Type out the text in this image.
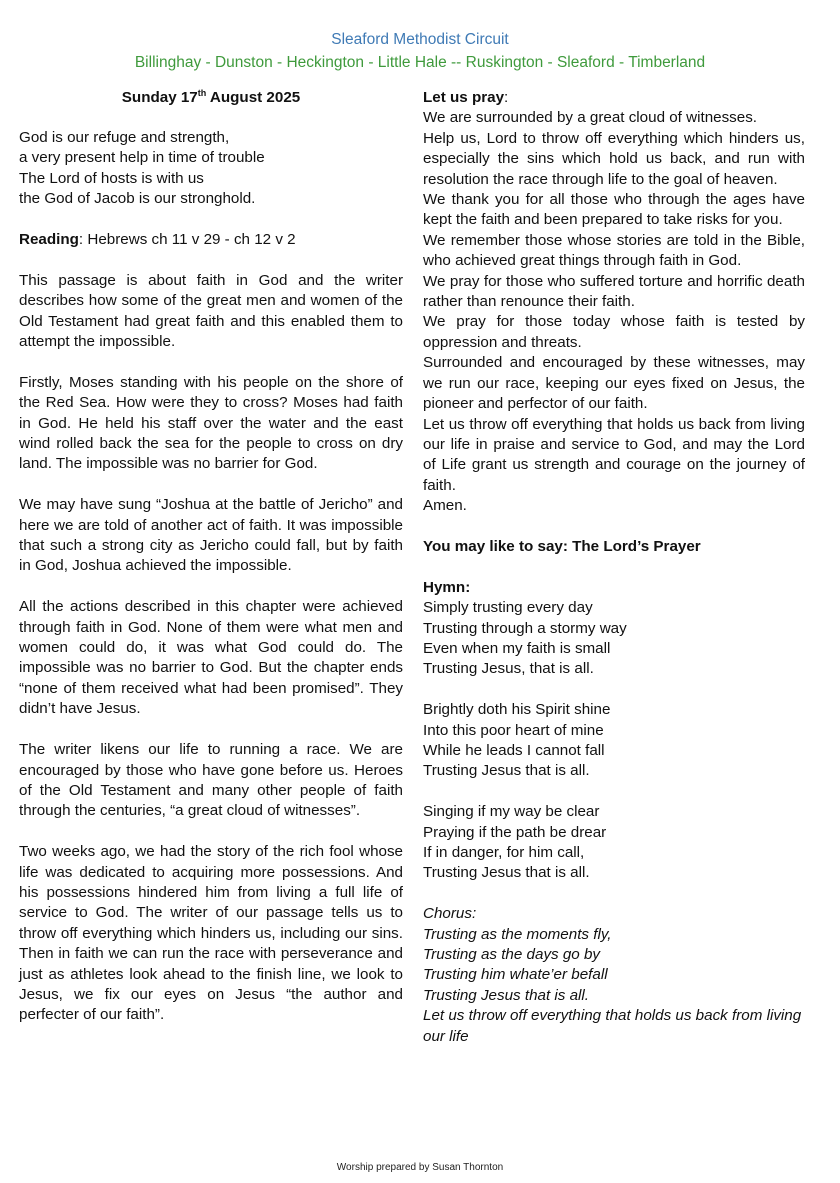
Sleaford Methodist Circuit
Billinghay - Dunston - Heckington - Little Hale -- Ruskington - Sleaford - Timberland
Sunday 17th August 2025

God is our refuge and strength,

a very present help in time of trouble

The Lord of hosts is with us

the God of Jacob is our stronghold.

Reading: Hebrews ch 11 v 29 - ch 12 v 2

This passage is about faith in God and the writer describes how some of the great men and women of the Old Testament had great faith and this enabled them to attempt the impossible.

Firstly, Moses standing with his people on the shore of the Red Sea. How were they to cross? Moses had faith in God. He held his staff over the water and the east wind rolled back the sea for the people to cross on dry land. The impossible was no barrier for God.

We may have sung “Joshua at the battle of Jericho” and here we are told of another act of faith. It was impossible that such a strong city as Jericho could fall, but by faith in God, Joshua achieved the impossible.

All the actions described in this chapter were achieved through faith in God. None of them were what men and women could do, it was what God could do. The impossible was no barrier to God. But the chapter ends “none of them received what had been promised”. They didn’t have Jesus.

The writer likens our life to running a race. We are encouraged by those who have gone before us. Heroes of the Old Testament and many other people of faith through the centuries, “a great cloud of witnesses”.

Two weeks ago, we had the story of the rich fool whose life was dedicated to acquiring more possessions. And his possessions hindered him from living a full life of service to God. The writer of our passage tells us to throw off everything which hinders us, including our sins. Then in faith we can run the race with perseverance and just as athletes look ahead to the finish line, we look to Jesus, we fix our eyes on Jesus “the author and perfecter of our faith”.

Let us pray:

We are surrounded by a great cloud of witnesses.

Help us, Lord to throw off everything which hinders us, especially the sins which hold us back, and run with resolution the race through life to the goal of heaven.

We thank you for all those who through the ages have kept the faith and been prepared to take risks for you.

We remember those whose stories are told in the Bible, who achieved great things through faith in God.

We pray for those who suffered torture and horrific death rather than renounce their faith.

We pray for those today whose faith is tested by oppression and threats.

Surrounded and encouraged by these witnesses, may we run our race, keeping our eyes fixed on Jesus, the pioneer and perfector of our faith.

Let us throw off everything that holds us back from living our life in praise and service to God, and may the Lord of Life grant us strength and courage on the journey of faith.

Amen.

You may like to say: The Lord’s Prayer

Hymn:

Simply trusting every day

Trusting through a stormy way

Even when my faith is small

Trusting Jesus, that is all.

Brightly doth his Spirit shine

Into this poor heart of mine

While he leads I cannot fall

Trusting Jesus that is all.

Singing if my way be clear

Praying if the path be drear

If in danger, for him call,

Trusting Jesus that is all.

Chorus:

Trusting as the moments fly,

Trusting as the days go by

Trusting him whate’er befall

Trusting Jesus that is all.

Let us throw off everything that holds us back from living our life

Worship prepared by Susan Thornton
